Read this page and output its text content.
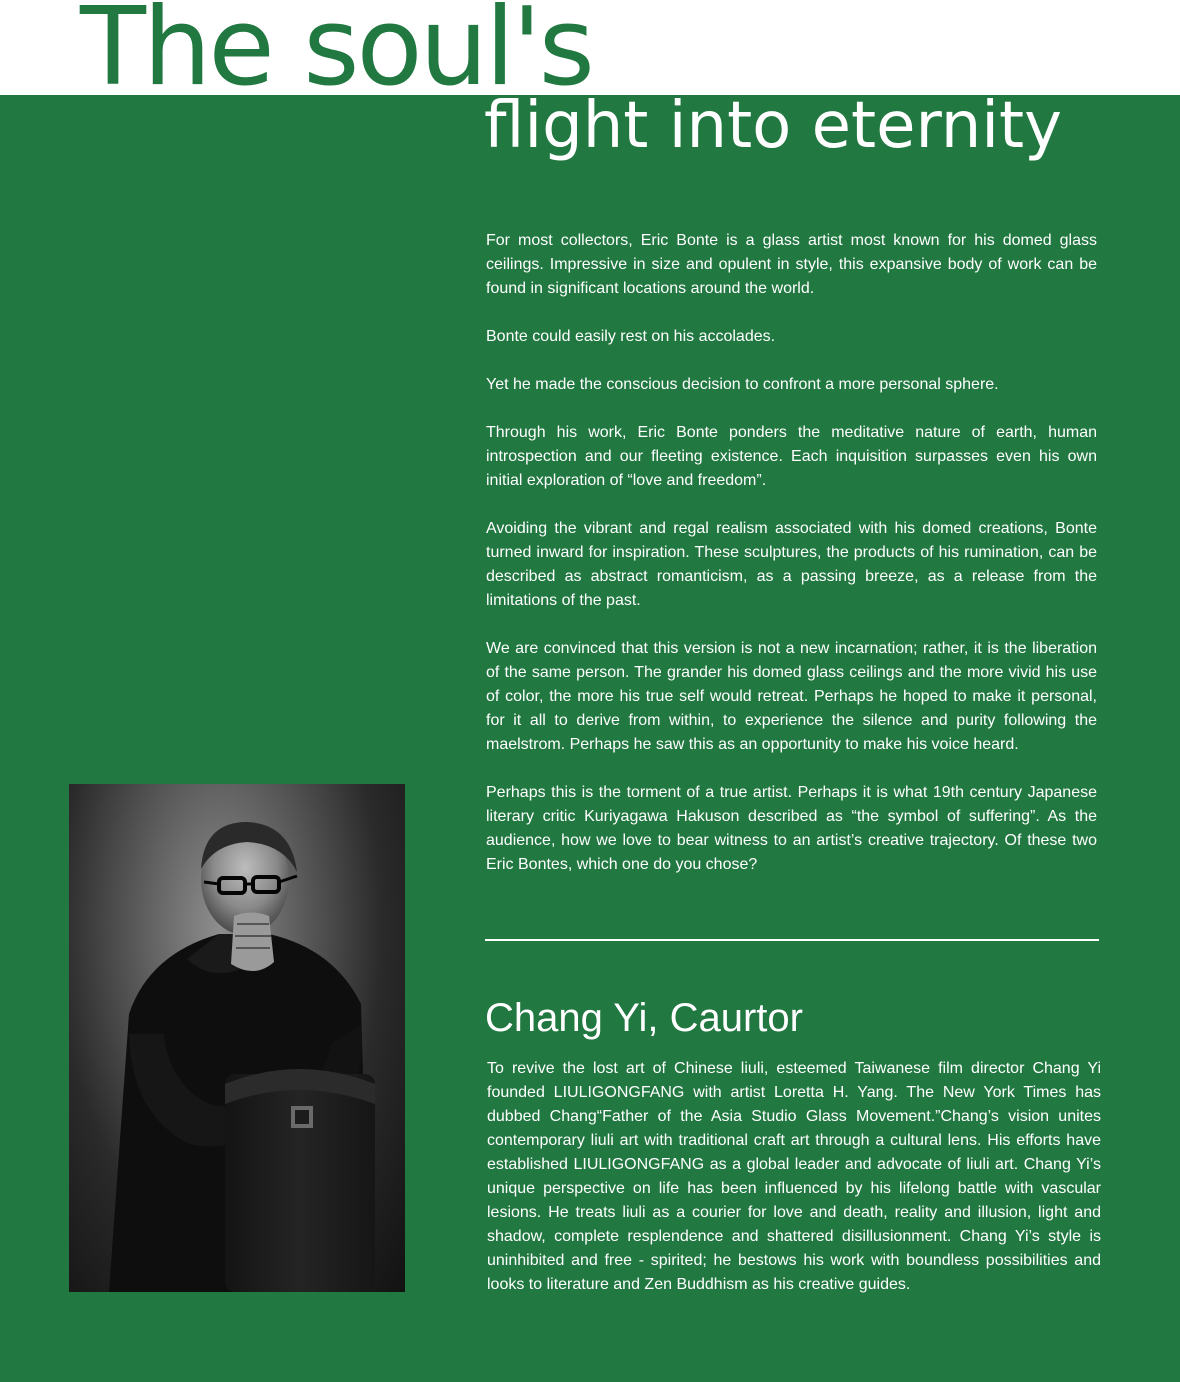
The soul's
flight into eternity

For most collectors, Eric Bonte is a glass artist most known for his domed glass ceilings. Impressive in size and opulent in style, this expansive body of work can be found in significant locations around the world.

Bonte could easily rest on his accolades.

Yet he made the conscious decision to confront a more personal sphere.

Through his work, Eric Bonte ponders the meditative nature of earth, human introspection and our fleeting existence. Each inquisition surpasses even his own initial exploration of “love and freedom”.

Avoiding the vibrant and regal realism associated with his domed creations, Bonte turned inward for inspiration. These sculptures, the products of his rumination, can be described as abstract romanticism, as a passing breeze, as a release from the limitations of the past.

We are convinced that this version is not a new incarnation; rather, it is the liberation of the same person. The grander his domed glass ceilings and the more vivid his use of color, the more his true self would retreat. Perhaps he hoped to make it personal, for it all to derive from within, to experience the silence and purity following the maelstrom. Perhaps he saw this as an opportunity to make his voice heard.

Perhaps this is the torment of a true artist. Perhaps it is what 19th century Japanese literary critic Kuriyagawa Hakuson described as “the symbol of suffering”. As the audience, how we love to bear witness to an artist’s creative trajectory. Of these two Eric Bontes, which one do you chose?

Chang Yi, Caurtor

To revive the lost art of Chinese liuli, esteemed Taiwanese film director Chang Yi founded LIULIGONGFANG with artist Loretta H. Yang. The New York Times has dubbed Chang“Father of the Asia Studio Glass Movement.”Chang’s vision unites contemporary liuli art with traditional craft art through a cultural lens. His efforts have established LIULIGONGFANG as a global leader and advocate of liuli art. Chang Yi’s unique perspective on life has been influenced by his lifelong battle with vascular lesions. He treats liuli as a courier for love and death, reality and illusion, light and shadow, complete resplendence and shattered disillusionment. Chang Yi’s style is uninhibited and free - spirited; he bestows his work with boundless possibilities and looks to literature and Zen Buddhism as his creative guides.
